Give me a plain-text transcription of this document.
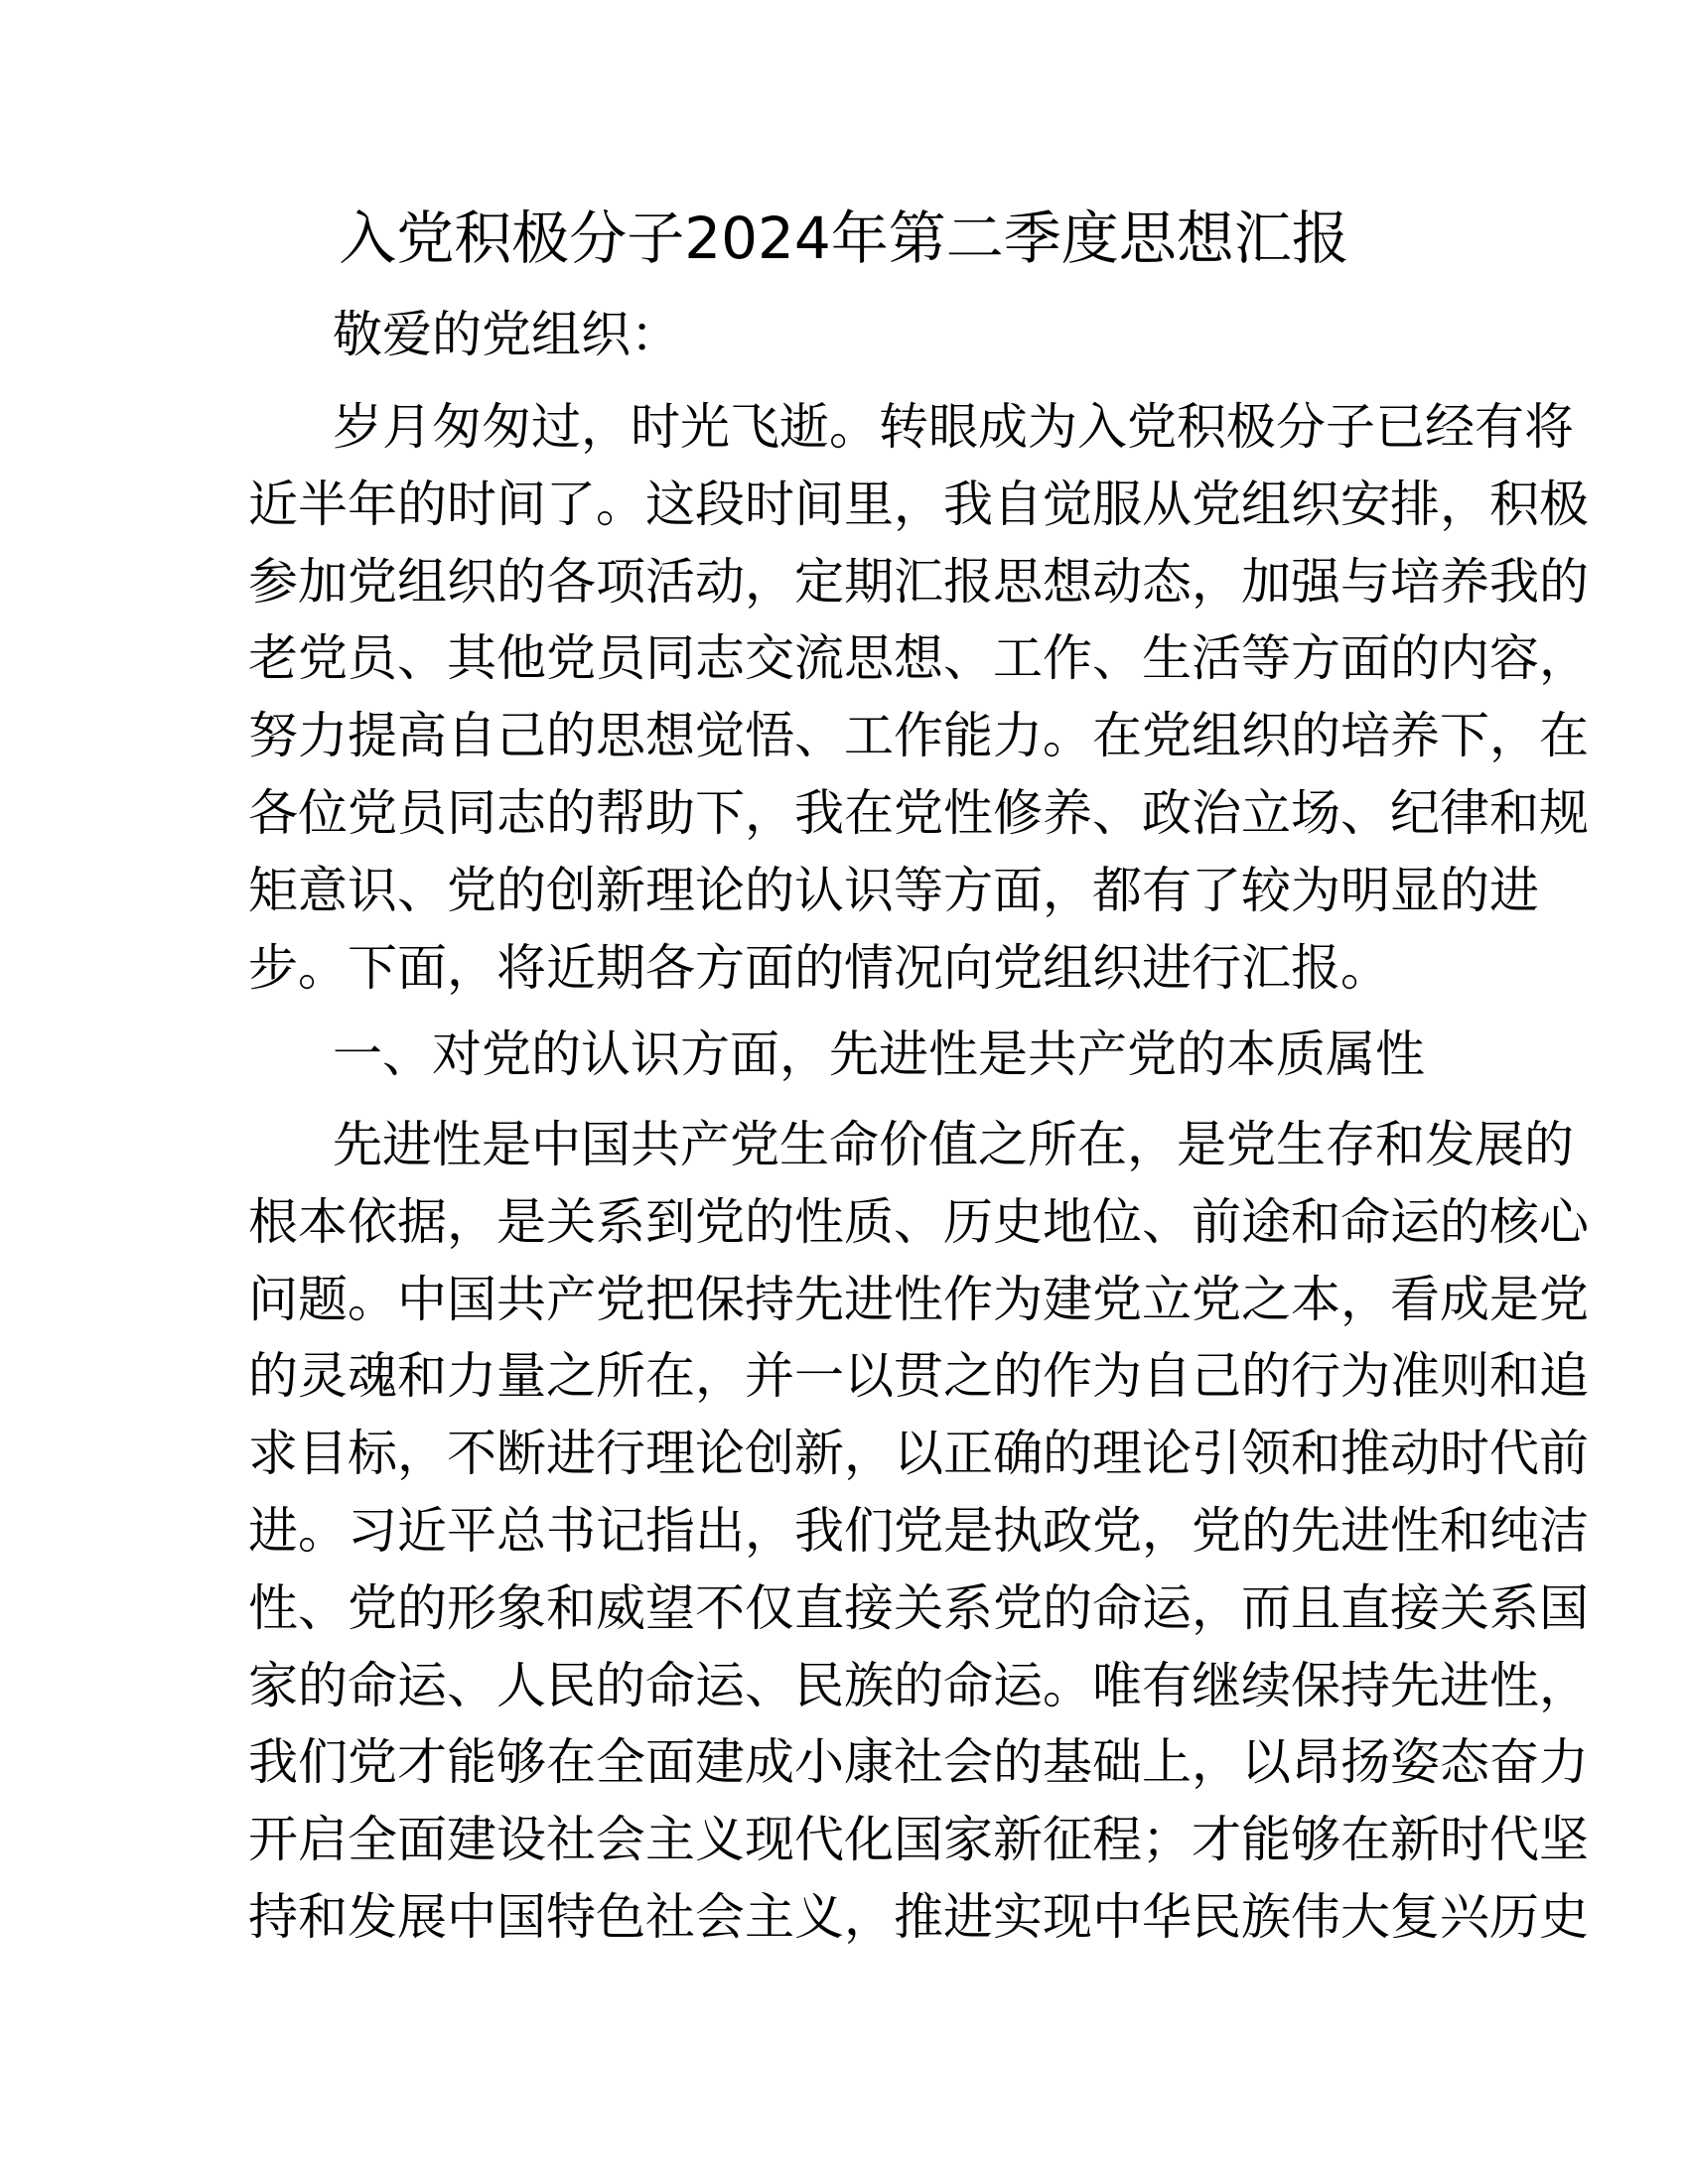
入党积极分子2024年第二季度思想汇报
敬爱的党组织：
岁月匆匆过，时光飞逝。转眼成为入党积极分子已经有将
近半年的时间了。这段时间里，我自觉服从党组织安排，积极
参加党组织的各项活动，定期汇报思想动态，加强与培养我的
老党员、其他党员同志交流思想、工作、生活等方面的内容，
努力提高自己的思想觉悟、工作能力。在党组织的培养下，在
各位党员同志的帮助下，我在党性修养、政治立场、纪律和规
矩意识、党的创新理论的认识等方面，都有了较为明显的进
步。下面，将近期各方面的情况向党组织进行汇报。
一、对党的认识方面，先进性是共产党的本质属性
先进性是中国共产党生命价值之所在，是党生存和发展的
根本依据，是关系到党的性质、历史地位、前途和命运的核心
问题。中国共产党把保持先进性作为建党立党之本，看成是党
的灵魂和力量之所在，并一以贯之的作为自己的行为准则和追
求目标，不断进行理论创新，以正确的理论引领和推动时代前
进。习近平总书记指出，我们党是执政党，党的先进性和纯洁
性、党的形象和威望不仅直接关系党的命运，而且直接关系国
家的命运、人民的命运、民族的命运。唯有继续保持先进性，
我们党才能够在全面建成小康社会的基础上，以昂扬姿态奋力
开启全面建设社会主义现代化国家新征程；才能够在新时代坚
持和发展中国特色社会主义，推进实现中华民族伟大复兴历史
